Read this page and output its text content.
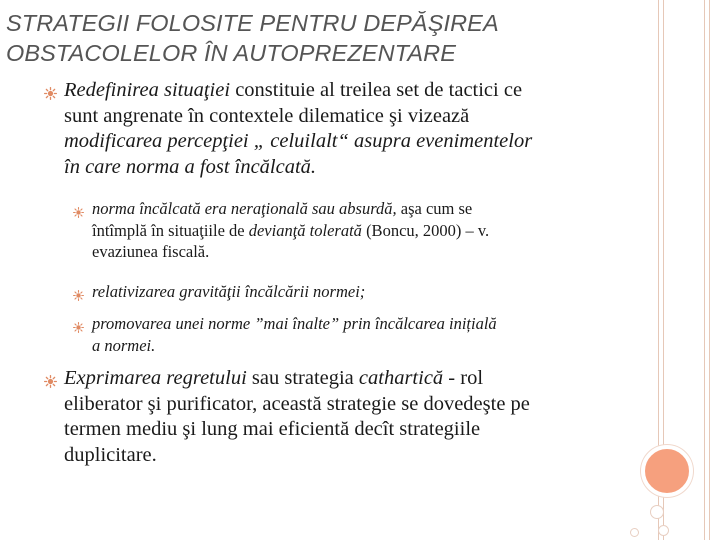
STRATEGII FOLOSITE PENTRU DEPĂŞIREA
OBSTACOLELOR ÎN AUTOPREZENTARE
Redefinirea situaţiei constituie al treilea set de tactici ce
sunt angrenate în contextele dilematice şi vizează
modificarea percepţiei „ celuilalt“ asupra evenimentelor
în care norma a fost încălcată.
norma încălcată era neraţională sau absurdă, aşa cum se
întîmplă în situaţiile de devianţă tolerată (Boncu, 2000) – v.
evaziunea fiscală.
relativizarea gravităţii încălcării normei;
promovarea unei norme ”mai înalte” prin încălcarea inițială
a normei.
Exprimarea regretului sau strategia cathartică - rol
eliberator şi purificator, această strategie se dovedeşte pe
termen mediu şi lung mai eficientă decît strategiile
duplicitare.
